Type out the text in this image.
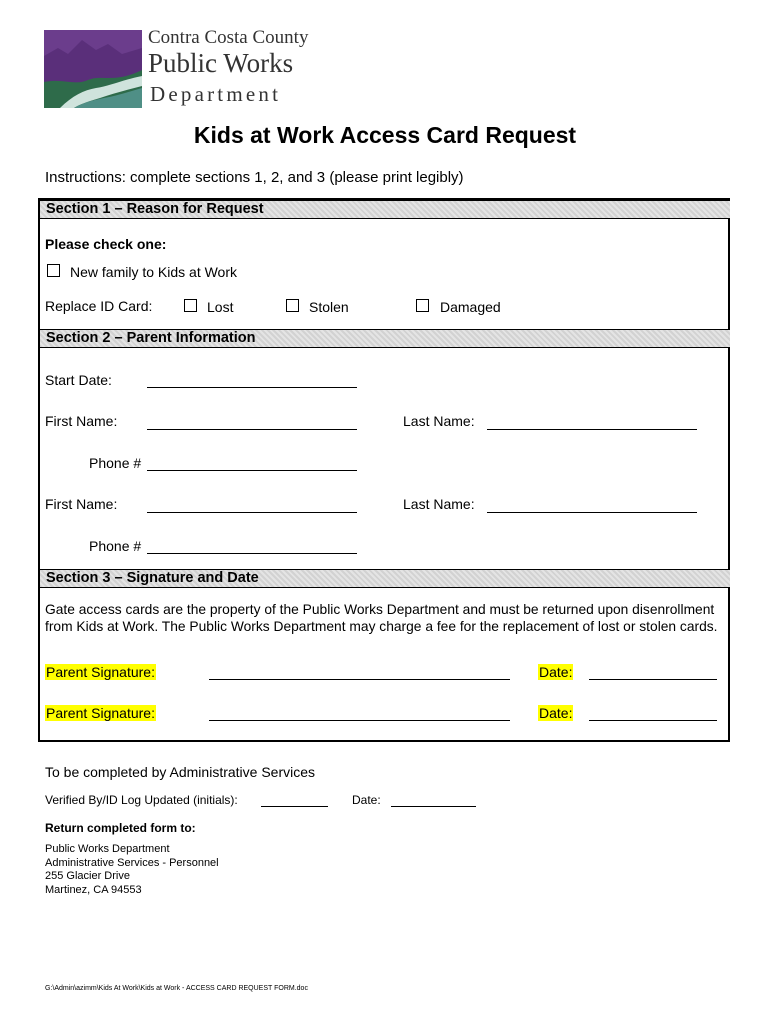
Contra Costa County
Public Works
Department
Kids at Work Access Card Request
Instructions: complete sections 1, 2, and 3 (please print legibly)
Section 1 – Reason for Request
Please check one:
New family to Kids at Work
Replace ID Card:	Lost	Stolen	Damaged
Section 2 – Parent Information
Start Date:
First Name:	Last Name:
Phone #
First Name:	Last Name:
Phone #
Section 3 – Signature and Date
Gate access cards are the property of the Public Works Department and must be returned upon disenrollment from Kids at Work. The Public Works Department may charge a fee for the replacement of lost or stolen cards.
Parent Signature:	Date:
Parent Signature:	Date:
To be completed by Administrative Services
Verified By/ID Log Updated (initials):	Date:
Return completed form to:
Public Works Department
Administrative Services - Personnel
255 Glacier Drive
Martinez, CA 94553
G:\Admin\azimm\Kids At Work\Kids at Work - ACCESS CARD REQUEST FORM.doc
